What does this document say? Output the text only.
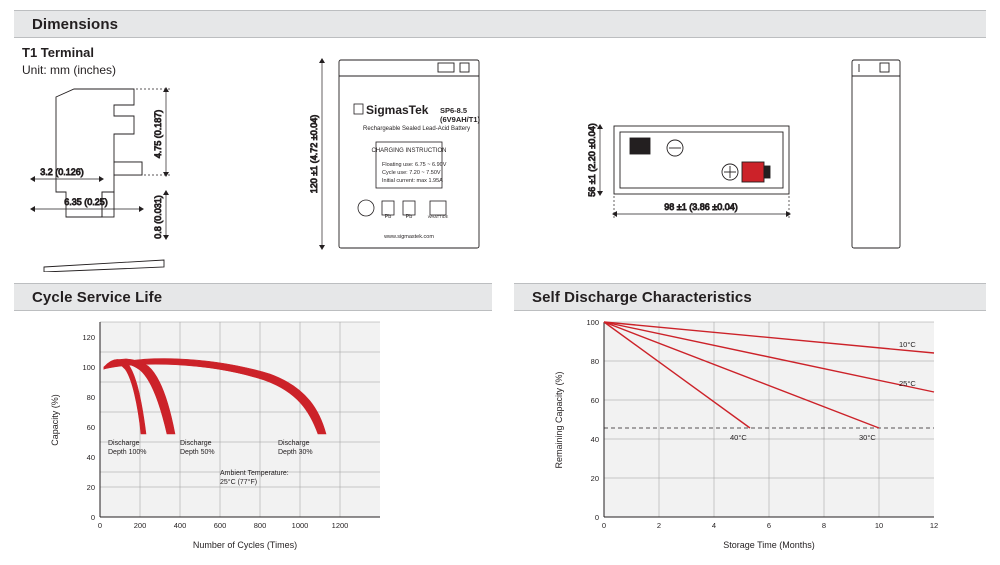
Dimensions
Cycle Service Life	Self Discharge Characteristics
T1 Terminal
Unit: mm (inches)
4.75 (0.187)
0.8 (0.031)
3.2 (0.126)
6.35 (0.25)
120 ±1 (4.72 ±0.04)
SigmasTek SP6-8.5
(6V9AH/T1)
Rechargeable Sealed Lead-Acid Battery
CHARGING INSTRUCTION
Floating use: 6.75 ~ 6.90V
Cycle use: 7.20 ~ 7.50V
Initial current: max 1.95A
Pb	Pb	WHATTIDE
www.sigmastek.com
56 ±1 (2.20 ±0.04)
98 ±1 (3.86 ±0.04)
0
20
40
60
80
100
120
0	200	400	600	800	1000	1200
Discharge
Depth 100%
Discharge
Depth 50%
Discharge
Depth 30%
Ambient Temperature:
25°C (77°F)
Number of Cycles (Times)
Capacity (%)
0
20
40
60
80
100
0	2	4	6	8	10	12
10°C
25°C
30°C
40°C
Storage Time (Months)
Remaining Capacity (%)
